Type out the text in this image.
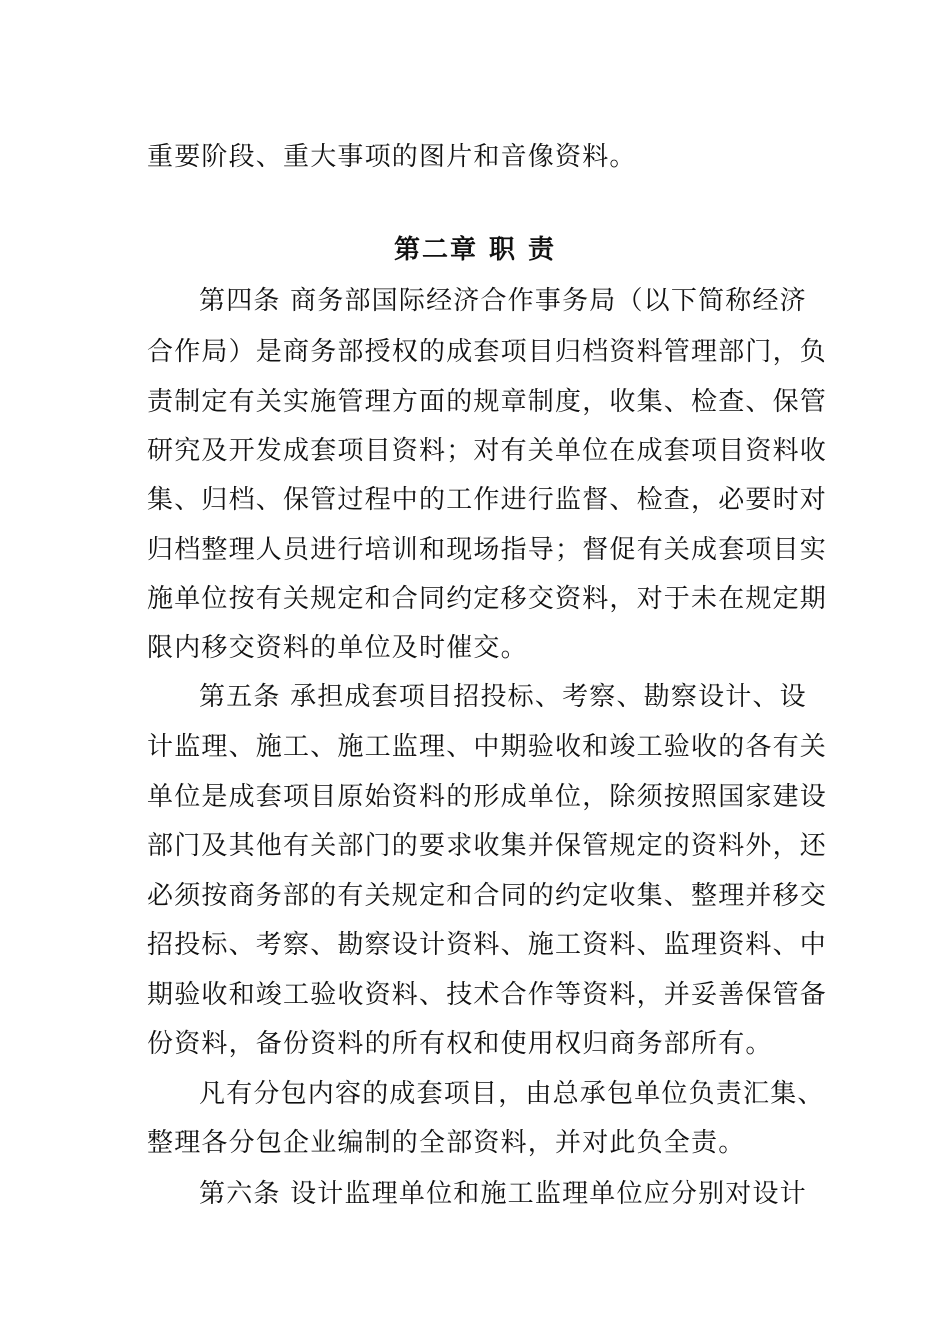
重要阶段、重大事项的图片和音像资料。
第二章 职 责
第四条 商务部国际经济合作事务局（以下简称经济
合作局）是商务部授权的成套项目归档资料管理部门，负
责制定有关实施管理方面的规章制度，收集、检查、保管
研究及开发成套项目资料；对有关单位在成套项目资料收
集、归档、保管过程中的工作进行监督、检查，必要时对
归档整理人员进行培训和现场指导；督促有关成套项目实
施单位按有关规定和合同约定移交资料，对于未在规定期
限内移交资料的单位及时催交。
第五条 承担成套项目招投标、考察、勘察设计、设
计监理、施工、施工监理、中期验收和竣工验收的各有关
单位是成套项目原始资料的形成单位，除须按照国家建设
部门及其他有关部门的要求收集并保管规定的资料外，还
必须按商务部的有关规定和合同的约定收集、整理并移交
招投标、考察、勘察设计资料、施工资料、监理资料、中
期验收和竣工验收资料、技术合作等资料，并妥善保管备
份资料，备份资料的所有权和使用权归商务部所有。
凡有分包内容的成套项目，由总承包单位负责汇集、
整理各分包企业编制的全部资料，并对此负全责。
第六条 设计监理单位和施工监理单位应分别对设计
